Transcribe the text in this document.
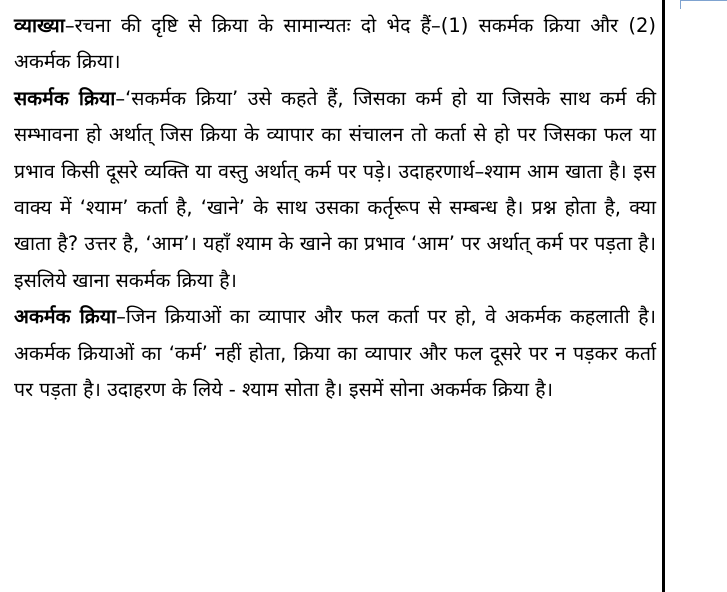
व्याख्या–रचना की दृष्टि से क्रिया के सामान्यतः दो भेद हैं–(1) सकर्मक क्रिया और (2) अकर्मक क्रिया।

सकर्मक क्रिया–‘सकर्मक क्रिया’ उसे कहते हैं, जिसका कर्म हो या जिसके साथ कर्म की सम्भावना हो अर्थात् जिस क्रिया के व्यापार का संचालन तो कर्ता से हो पर जिसका फल या प्रभाव किसी दूसरे व्यक्ति या वस्तु अर्थात् कर्म पर पड़े। उदाहरणार्थ–श्याम आम खाता है। इस वाक्य में ‘श्याम’ कर्ता है, ‘खाने’ के साथ उसका कर्तृरूप से सम्बन्ध है। प्रश्न होता है, क्या खाता है? उत्तर है, ‘आम’। यहाँ श्याम के खाने का प्रभाव ‘आम’ पर अर्थात् कर्म पर पड़ता है। इसलिये खाना सकर्मक क्रिया है।

अकर्मक क्रिया–जिन क्रियाओं का व्यापार और फल कर्ता पर हो, वे अकर्मक कहलाती है। अकर्मक क्रियाओं का ‘कर्म’ नहीं होता, क्रिया का व्यापार और फल दूसरे पर न पड़कर कर्ता पर पड़ता है। उदाहरण के लिये - श्याम सोता है। इसमें सोना अकर्मक क्रिया है।
